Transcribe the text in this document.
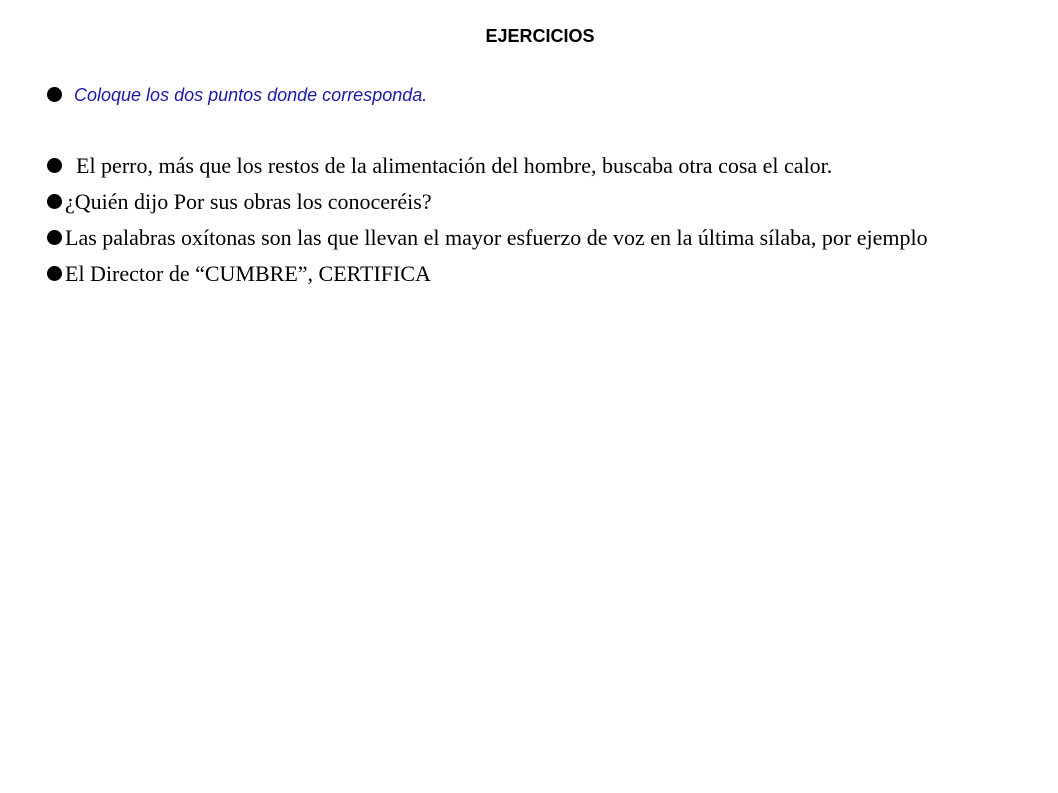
EJERCICIOS
Coloque los dos puntos donde corresponda.

El perro, más que los restos de la alimentación del hombre, buscaba otra cosa el calor.

¿Quién dijo Por sus obras los conoceréis?

Las palabras oxítonas son las que llevan el mayor esfuerzo de voz en la última sílaba, por ejemplo

El Director de “CUMBRE”, CERTIFICA
